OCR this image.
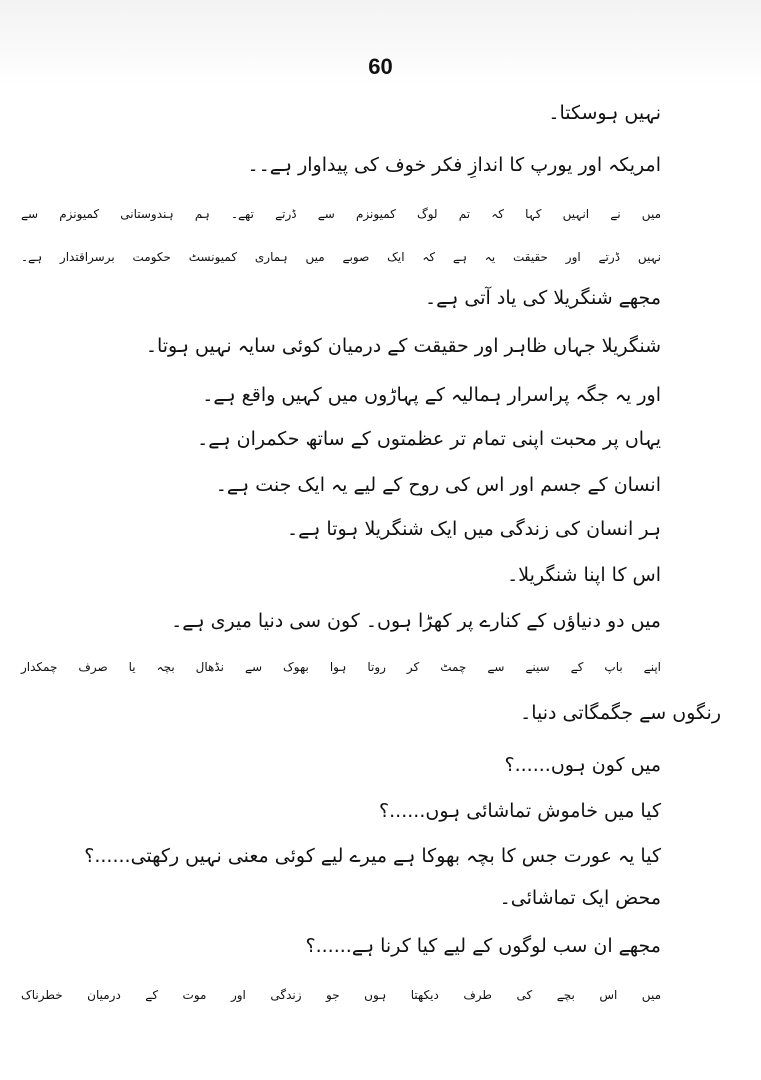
60
نہیں ہوسکتا۔
امریکہ اور یورپ کا اندازِ فکر خوف کی پیداوار ہے۔۔
میں نے انہیں کہا کہ تم لوگ کمیونزم سے ڈرتے تھے۔ ہم ہندوستانی کمیونزم سے
نہیں ڈرتے اور حقیقت یہ ہے کہ ایک صوبے میں ہماری کمیونسٹ حکومت برسراقتدار ہے۔
مجھے شنگریلا کی یاد آتی ہے۔
شنگریلا جہاں ظاہر اور حقیقت کے درمیان کوئی سایہ نہیں ہوتا۔
اور یہ جگہ پراسرار ہمالیہ کے پہاڑوں میں کہیں واقع ہے۔
یہاں پر محبت اپنی تمام تر عظمتوں کے ساتھ حکمران ہے۔
انسان کے جسم اور اس کی روح کے لیے یہ ایک جنت ہے۔
ہر انسان کی زندگی میں ایک شنگریلا ہوتا ہے۔
اس کا اپنا شنگریلا۔
میں دو دنیاؤں کے کنارے پر کھڑا ہوں۔ کون سی دنیا میری ہے۔
اپنے باپ کے سینے سے چمٹ کر روتا ہوا بھوک سے نڈھال بچہ یا صرف چمکدار
رنگوں سے جگمگاتی دنیا۔
میں کون ہوں......؟
کیا میں خاموش تماشائی ہوں......؟
کیا یہ عورت جس کا بچہ بھوکا ہے میرے لیے کوئی معنی نہیں رکھتی......؟
محض ایک تماشائی۔
مجھے ان سب لوگوں کے لیے کیا کرنا ہے......؟
میں اس بچے کی طرف دیکھتا ہوں جو زندگی اور موت کے درمیان خطرناک
